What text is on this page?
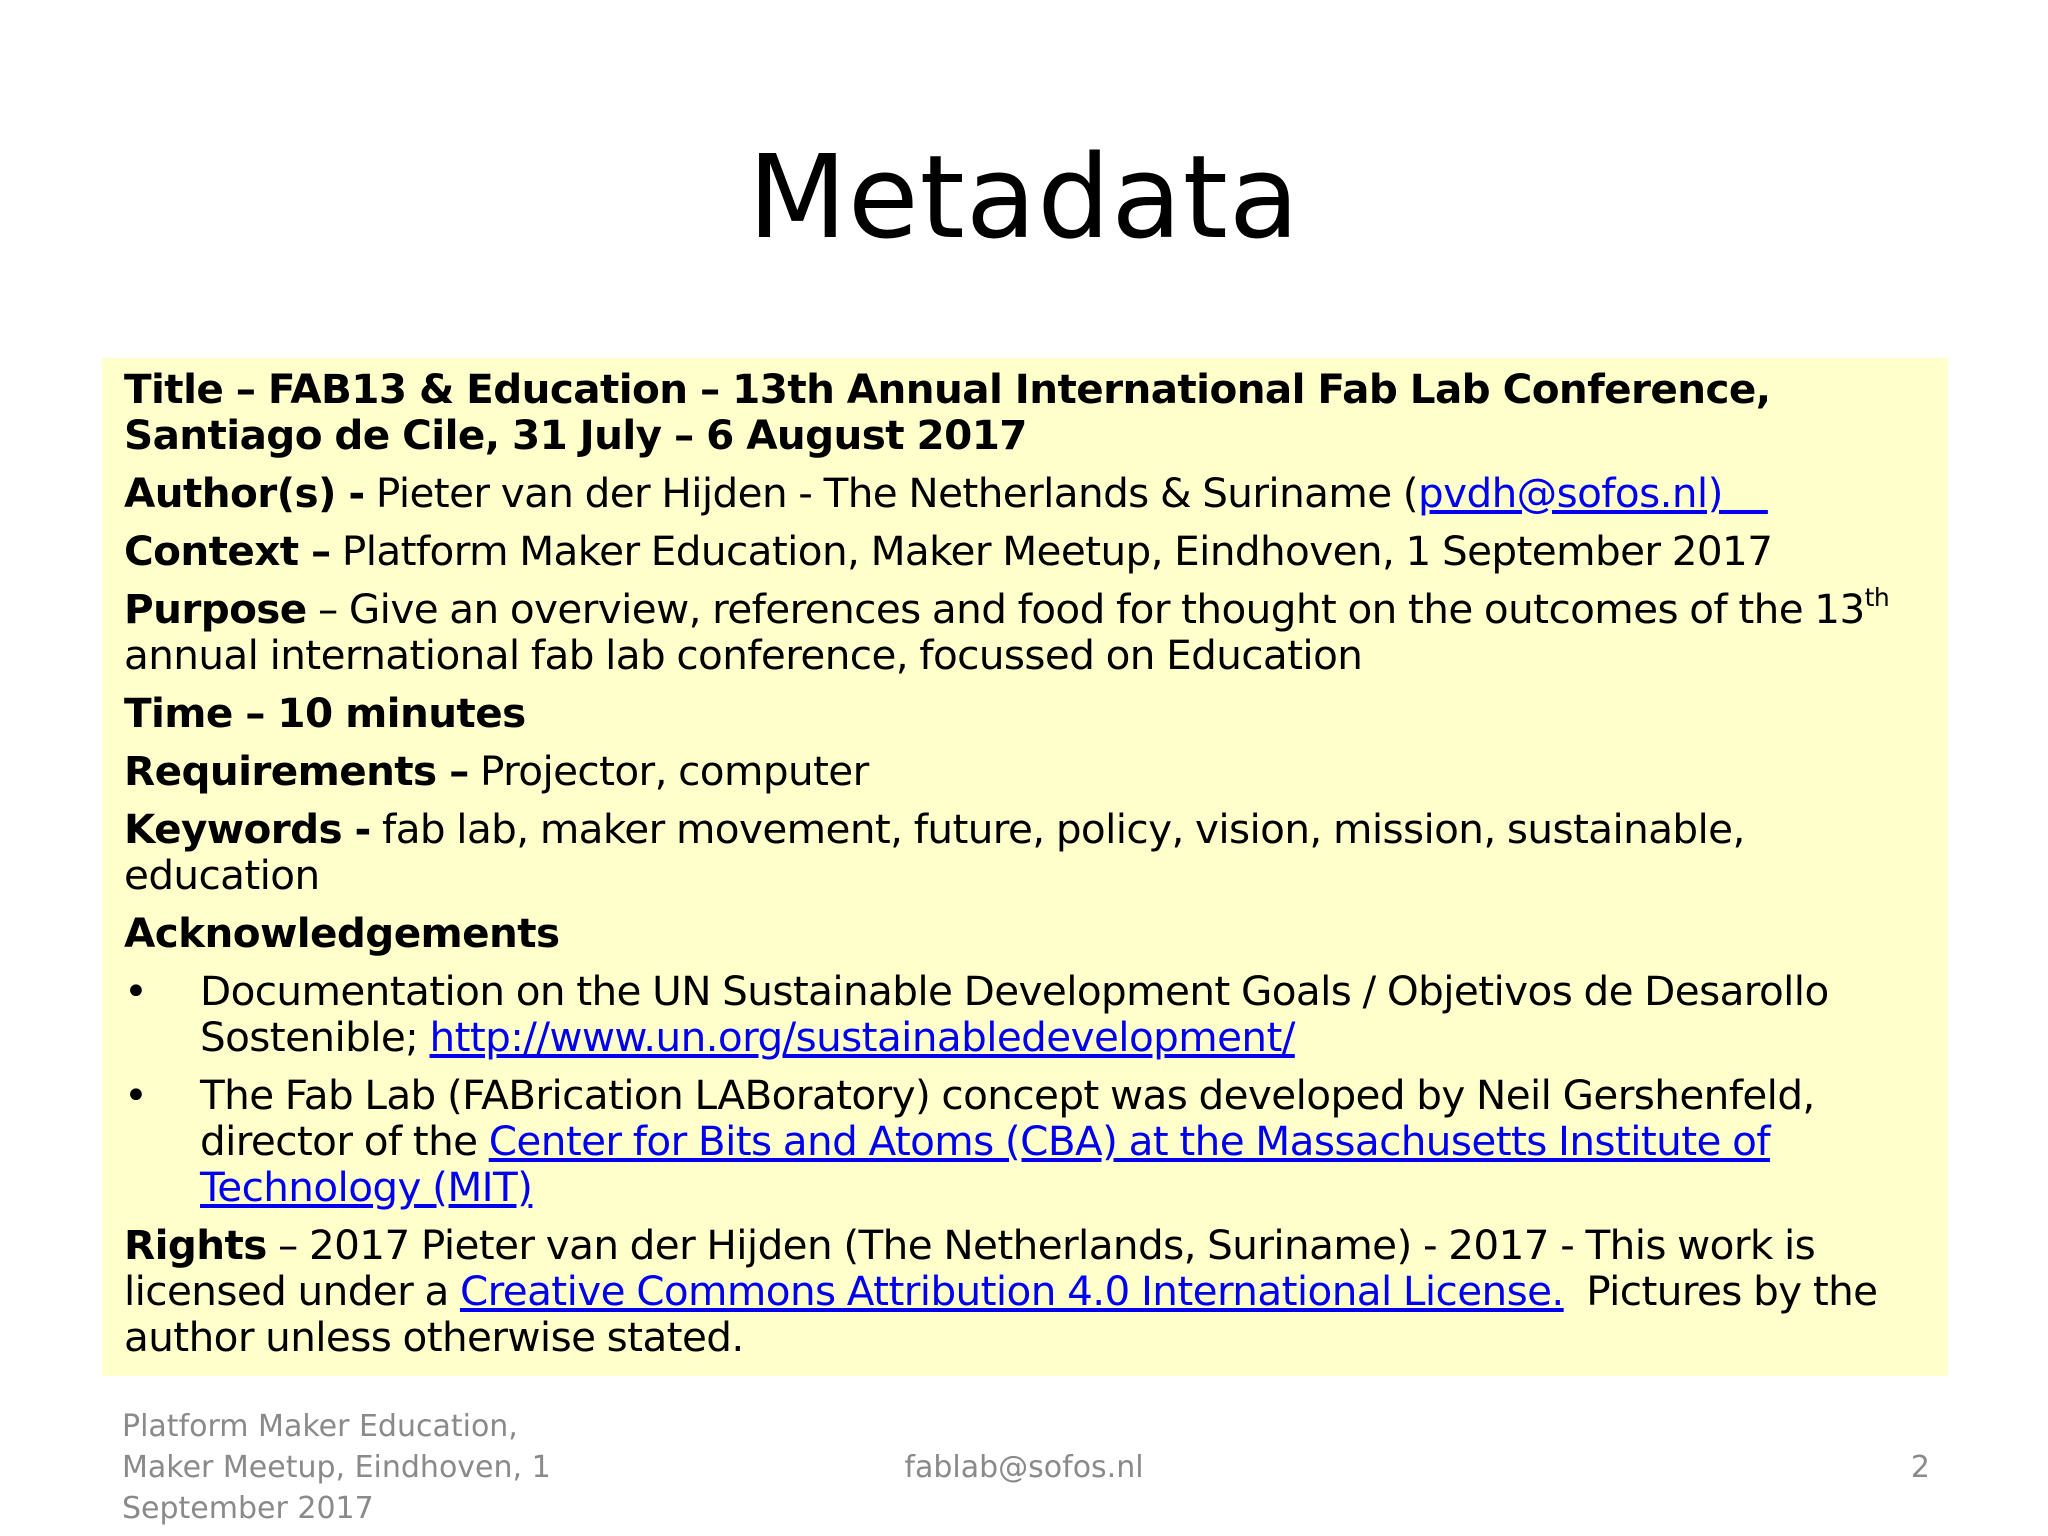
Metadata

Title – FAB13 & Education – 13th Annual International Fab Lab Conference, Santiago de Cile, 31 July – 6 August 2017

Author(s) - Pieter van der Hijden - The Netherlands & Suriname (pvdh@sofos.nl)

Context – Platform Maker Education, Maker Meetup, Eindhoven, 1 September 2017

Purpose – Give an overview, references and food for thought on the outcomes of the 13th annual international fab lab conference, focussed on Education

Time – 10 minutes

Requirements – Projector, computer

Keywords - fab lab, maker movement, future, policy, vision, mission, sustainable, education

Acknowledgements

• Documentation on the UN Sustainable Development Goals / Objetivos de Desarollo Sostenible; http://www.un.org/sustainabledevelopment/
• The Fab Lab (FABrication LABoratory) concept was developed by Neil Gershenfeld, director of the Center for Bits and Atoms (CBA) at the Massachusetts Institute of Technology (MIT)

Rights – 2017 Pieter van der Hijden (The Netherlands, Suriname) - 2017 - This work is licensed under a Creative Commons Attribution 4.0 International License.  Pictures by the author unless otherwise stated.

Platform Maker Education, Maker Meetup, Eindhoven, 1 September 2017
fablab@sofos.nl	2
